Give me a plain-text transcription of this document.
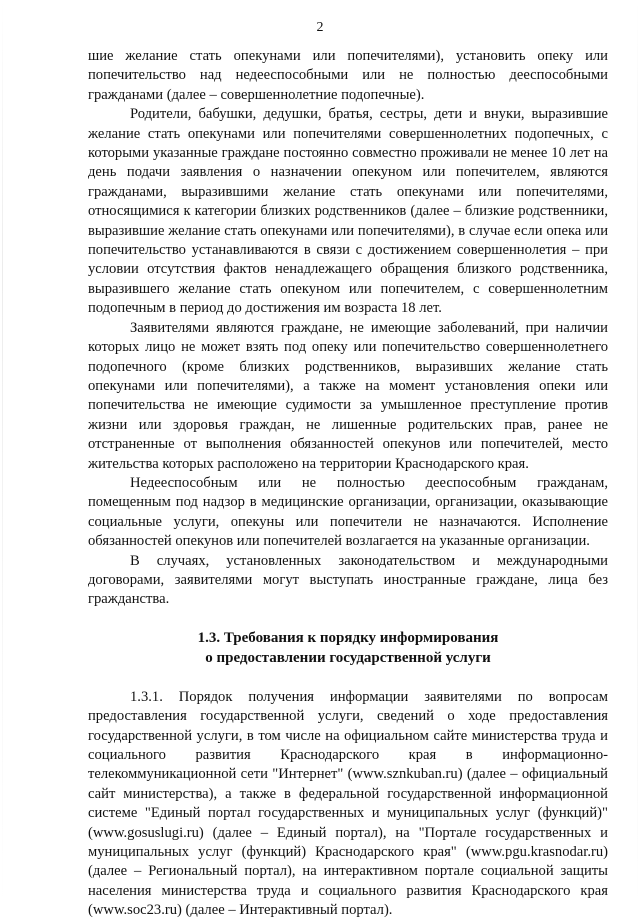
2

шие желание стать опекунами или попечителями), установить опеку или попечительство над недееспособными или не полностью дееспособными гражданами (далее – совершеннолетние подопечные).

Родители, бабушки, дедушки, братья, сестры, дети и внуки, выразившие желание стать опекунами или попечителями совершеннолетних подопечных, с которыми указанные граждане постоянно совместно проживали не менее 10 лет на день подачи заявления о назначении опекуном или попечителем, являются гражданами, выразившими желание стать опекунами или попечителями, относящимися к категории близких родственников (далее – близкие родственники, выразившие желание стать опекунами или попечителями), в случае если опека или попечительство устанавливаются в связи с достижением совершеннолетия – при условии отсутствия фактов ненадлежащего обращения близкого родственника, выразившего желание стать опекуном или попечителем, с совершеннолетним подопечным в период до достижения им возраста 18 лет.

Заявителями являются граждане, не имеющие заболеваний, при наличии которых лицо не может взять под опеку или попечительство совершеннолетнего подопечного (кроме близких родственников, выразивших желание стать опекунами или попечителями), а также на момент установления опеки или попечительства не имеющие судимости за умышленное преступление против жизни или здоровья граждан, не лишенные родительских прав, ранее не отстраненные от выполнения обязанностей опекунов или попечителей, место жительства которых расположено на территории Краснодарского края.

Недееспособным или не полностью дееспособным гражданам, помещенным под надзор в медицинские организации, организации, оказывающие социальные услуги, опекуны или попечители не назначаются. Исполнение обязанностей опекунов или попечителей возлагается на указанные организации.

В случаях, установленных законодательством и международными договорами, заявителями могут выступать иностранные граждане, лица без гражданства.

1.3. Требования к порядку информирования
о предоставлении государственной услуги

1.3.1. Порядок получения информации заявителями по вопросам предоставления государственной услуги, сведений о ходе предоставления государственной услуги, в том числе на официальном сайте министерства труда и социального развития Краснодарского края в информационно-телекоммуникационной сети "Интернет" (www.sznkuban.ru) (далее – официальный сайт министерства), а также в федеральной государственной информационной системе "Единый портал государственных и муниципальных услуг (функций)" (www.gosuslugi.ru) (далее – Единый портал), на "Портале государственных и муниципальных услуг (функций) Краснодарского края" (www.pgu.krasnodar.ru) (далее – Региональный портал), на интерактивном портале социальной защиты населения министерства труда и социального развития Краснодарского края (www.soc23.ru) (далее – Интерактивный портал).
